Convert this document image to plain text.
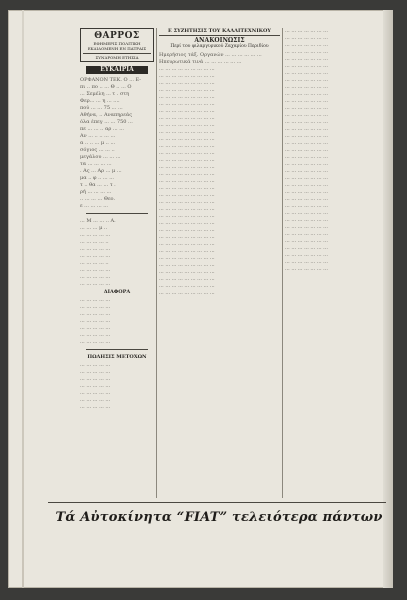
ΘΑΡΡΟΣ
ΕΦΗΜΕΡΙΣ ΠΟΛΙΤΙΚΗ
ΕΚΔΙΔΟΜΕΝΗ ΕΝ ΠΑΤΡΑΙΣ
ΣΥΝΔΡΟΜΗ ΕΤΗΣΙΑ
ΕΥΚΑΙΡΙΑ

ΟΡΦΑΝΟΝ ΤΕΚ. Ο ... Ε-

πι .. πο .. ... Θ .. ... Ο

... Σεμέλη ... τ . στη

Φερ... ... η ... ....

πού ... ... 75 ... ...

Αθήνα, .. Αναπηρεάς

όλα έπεγ ... ... 750 ...

πε ... ... .. αρ ... ...

Αν ... .. .. ... ...

α .. .. ... μ .. ...

σόγιος ... ... ..

μεγάλου ... ... ...

τα ... ... ... ...

. Ας ... Αρ ... μ ...

μα .. φ .. ... ...

τ .. θα ... ... τ .

ρή ... ... ... ...

.. ... ... ... Θεο.

ε ... ... ... ...

... Μ ... ... .. Α.

... ... ... μ ..

... ... ... ... ...

... ... ... ... ..

... ... ... ... ...

... ... ... ... ...

... ... ... ... ..

... ... ... ... ...

... ... ... ... ...

... ... ... ... ...

ΔΙΑΦΟΡΑ

... ... ... ... ...

... ... ... ... ...

... ... ... ... ...

... ... ... ... ...

... ... ... ... ...

... ... ... ... ...

... ... ... ... ...

ΠΩΛΗΣΙΣ ΜΕΤΟΧΩΝ

... ... ... ... ...

... ... ... ... ...

... ... ... ... ...

... ... ... ... ...

... ... ... ... ...

... ... ... ... ...

... ... ... ... ...

Ε ΣΥΖΗΤΗΣΙΣ ΤΟΥ ΚΑΛΛΙΤΕΧΝΙΚΟΥ
ΑΝΑΚΟΙΝΩΣΙΣ
Περί του φιλαργυρικού Ζαχαρίου Περιδίου

Ημερήσιος τάξ. Οργανών ... ... ... ... ... ...

Ηπευρωτικά τινά ... ... ... ... ... ...

... ... ... ... ... ... ... ... ...

... ... ... ... ... ... ... ... ...

... ... ... ... ... ... ... ... ...

... ... ... ... ... ... ... ... ...

... ... ... ... ... ... ... ... ...

... ... ... ... ... ... ... ... ...

... ... ... ... ... ... ... ... ...

... ... ... ... ... ... ... ... ...

... ... ... ... ... ... ... ... ...

... ... ... ... ... ... ... ... ...

... ... ... ... ... ... ... ... ...

... ... ... ... ... ... ... ... ...

... ... ... ... ... ... ... ... ...

... ... ... ... ... ... ... ... ...

... ... ... ... ... ... ... ... ...

... ... ... ... ... ... ... ... ...

... ... ... ... ... ... ... ... ...

... ... ... ... ... ... ... ... ...

... ... ... ... ... ... ... ... ...

... ... ... ... ... ... ... ... ...

... ... ... ... ... ... ... ... ...

... ... ... ... ... ... ... ... ...

... ... ... ... ... ... ... ... ...

... ... ... ... ... ... ... ... ...

... ... ... ... ... ... ... ... ...

... ... ... ... ... ... ... ... ...

... ... ... ... ... ... ... ... ...

... ... ... ... ... ... ... ... ...

... ... ... ... ... ... ... ... ...

... ... ... ... ... ... ... ... ...

... ... ... ... ... ... ... ... ...

... ... ... ... ... ... ... ... ...

... ... ... ... ... ... ... ... ...

... ... ... ... ... ... ...

... ... ... ... ... ... ...

... ... ... ... ... ... ...

... ... ... ... ... ... ...

... ... ... ... ... ... ...

... ... ... ... ... ... ...

... ... ... ... ... ... ...

... ... ... ... ... ... ...

... ... ... ... ... ... ...

... ... ... ... ... ... ...

... ... ... ... ... ... ...

... ... ... ... ... ... ...

... ... ... ... ... ... ...

... ... ... ... ... ... ...

... ... ... ... ... ... ...

... ... ... ... ... ... ...

... ... ... ... ... ... ...

... ... ... ... ... ... ...

... ... ... ... ... ... ...

... ... ... ... ... ... ...

... ... ... ... ... ... ...

... ... ... ... ... ... ...

... ... ... ... ... ... ...

... ... ... ... ... ... ...

... ... ... ... ... ... ...

... ... ... ... ... ... ...

... ... ... ... ... ... ...

... ... ... ... ... ... ...

... ... ... ... ... ... ...

... ... ... ... ... ... ...

... ... ... ... ... ... ...

... ... ... ... ... ... ...

... ... ... ... ... ... ...

... ... ... ... ... ... ...

... ... ... ... ... ... ...

Τά Αὐτοκίνητα “FIAT” τελειότερα πάντων
